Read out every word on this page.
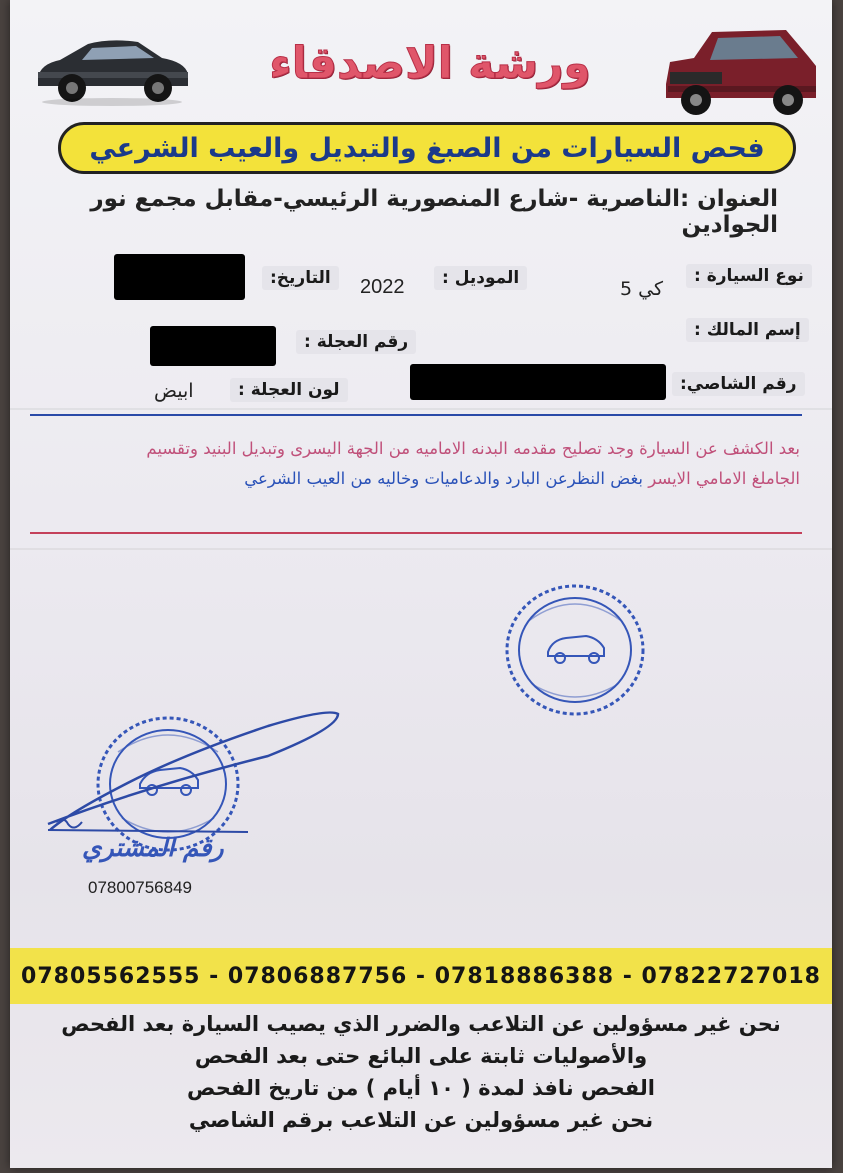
ورشة الاصدقاء
فحص السيارات من الصبغ والتبديل والعيب الشرعي
العنوان :الناصرية -شارع المنصورية الرئيسي-مقابل مجمع نور الجوادين
نوع السيارة :
كي 5
الموديل :
2022
التاريخ:
إسم المالك :
رقم العجلة :
رقم الشاصي:
لون العجلة :
ابيض
بعد الكشف عن السيارة وجد تصليح مقدمه البدنه الاماميه من الجهة اليسرى وتبديل البنيد وتقسيم
الجاملغ الامامي الايسر بغض النظرعن البارد والدعاميات وخاليه من العيب الشرعي
رقم المشتري
07800756849
07805562555 - 07806887756 - 07818886388 - 07822727018
نحن غير مسؤولين عن التلاعب والضرر الذي يصيب السيارة بعد الفحص
والأصوليات ثابتة على البائع حتى بعد الفحص
الفحص نافذ لمدة ( ١٠ أيام ) من تاريخ الفحص
نحن غير مسؤولين عن التلاعب برقم الشاصي
